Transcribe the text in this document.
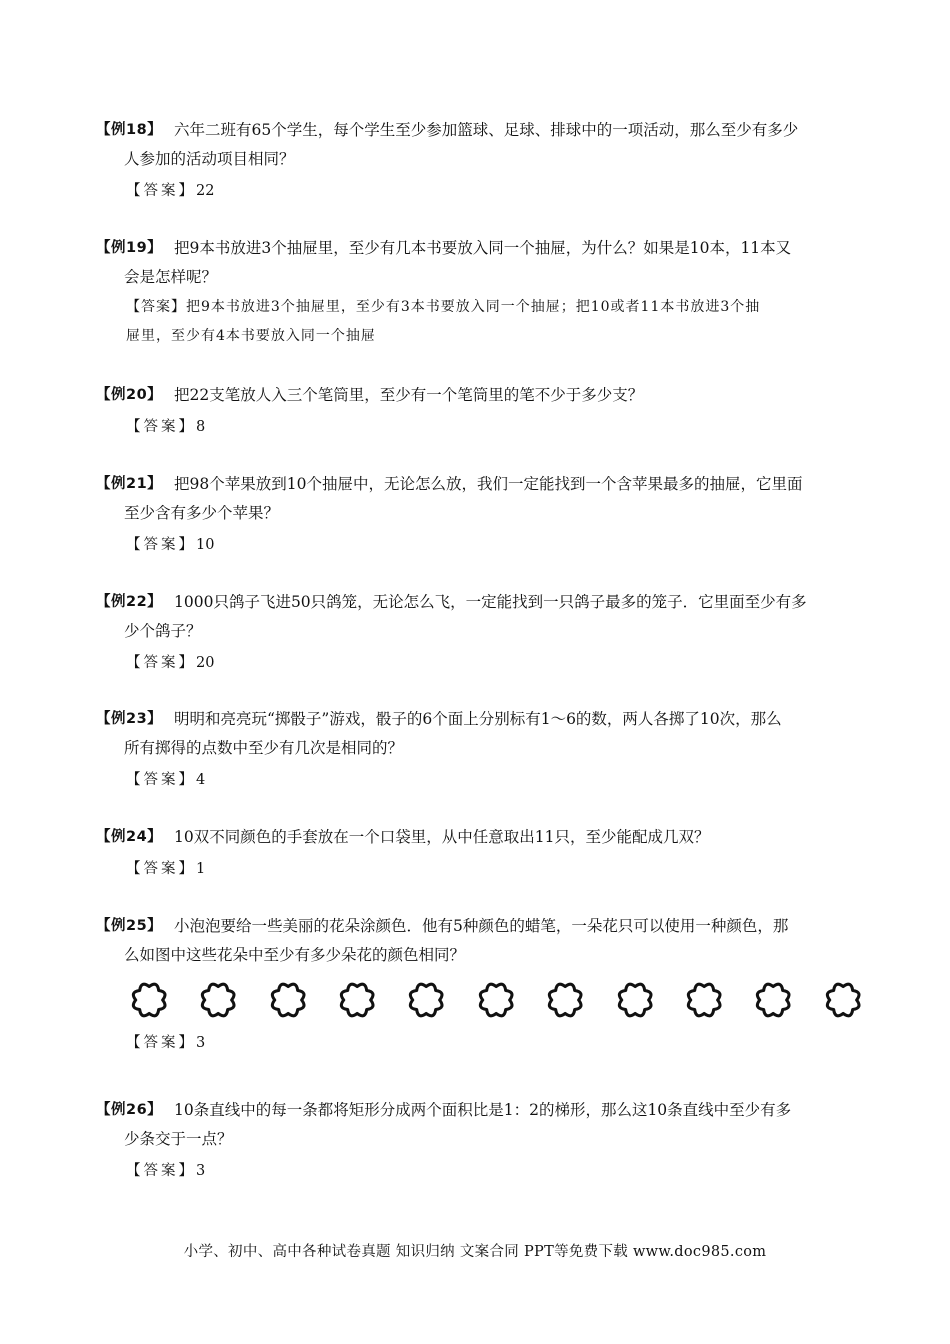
【例18】 六年二班有65个学生，每个学生至少参加篮球、足球、排球中的一项活动，那么至少有多少
人参加的活动项目相同？
【答案】22
【例19】 把9本书放进3个抽屉里，至少有几本书要放入同一个抽屉，为什么？如果是10本，11本又
会是怎样呢？
【答案】把9本书放进3个抽屉里，至少有3本书要放入同一个抽屉；把10或者11本书放进3个抽
屉里，至少有4本书要放入同一个抽屉
【例20】 把22支笔放人入三个笔筒里，至少有一个笔筒里的笔不少于多少支？
【答案】8
【例21】 把98个苹果放到10个抽屉中，无论怎么放，我们一定能找到一个含苹果最多的抽屉，它里面
至少含有多少个苹果？
【答案】10
【例22】 1000只鸽子飞进50只鸽笼，无论怎么飞，一定能找到一只鸽子最多的笼子．它里面至少有多
少个鸽子？
【答案】20
【例23】 明明和亮亮玩“掷骰子”游戏，骰子的6个面上分别标有1～6的数，两人各掷了10次，那么
所有掷得的点数中至少有几次是相同的？
【答案】4
【例24】 10双不同颜色的手套放在一个口袋里，从中任意取出11只，至少能配成几双？
【答案】1
【例25】 小泡泡要给一些美丽的花朵涂颜色．他有5种颜色的蜡笔，一朵花只可以使用一种颜色，那
么如图中这些花朵中至少有多少朵花的颜色相同？
【答案】3
【例26】 10条直线中的每一条都将矩形分成两个面积比是1：2的梯形，那么这10条直线中至少有多
少条交于一点？
【答案】3
小学、初中、高中各种试卷真题 知识归纳 文案合同 PPT等免费下载 www.doc985.com
